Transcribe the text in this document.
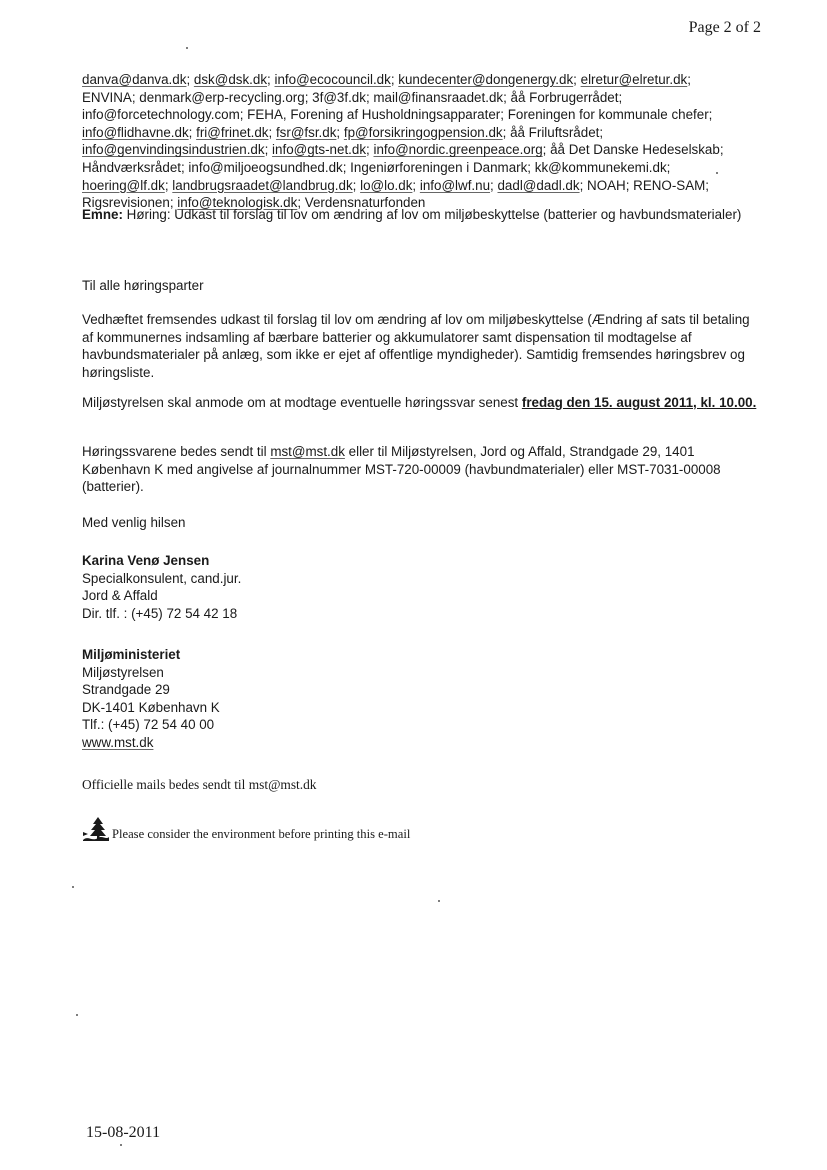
Page 2 of 2

danva@danva.dk; dsk@dsk.dk; info@ecocouncil.dk; kundecenter@dongenergy.dk; elretur@elretur.dk;

ENVINA; denmark@erp-recycling.org; 3f@3f.dk; mail@finansraadet.dk; åå Forbrugerrådet;

info@forcetechnology.com; FEHA, Forening af Husholdningsapparater; Foreningen for kommunale chefer;

info@flidhavne.dk; fri@frinet.dk; fsr@fsr.dk; fp@forsikringogpension.dk; åå Friluftsrådet;

info@genvindingsindustrien.dk; info@gts-net.dk; info@nordic.greenpeace.org; åå Det Danske Hedeselskab;

Håndværksrådet; info@miljoeogsundhed.dk; Ingeniørforeningen i Danmark; kk@kommunekemi.dk;

hoering@lf.dk; landbrugsraadet@landbrug.dk; lo@lo.dk; info@lwf.nu; dadl@dadl.dk; NOAH; RENO-SAM;

Rigsrevisionen; info@teknologisk.dk; Verdensnaturfonden

Emne: Høring: Udkast til forslag til lov om ændring af lov om miljøbeskyttelse (batterier og havbundsmaterialer)
Til alle høringsparter
Vedhæftet fremsendes udkast til forslag til lov om ændring af lov om miljøbeskyttelse (Ændring af sats til betaling af kommunernes indsamling af bærbare batterier og akkumulatorer samt dispensation til modtagelse af havbundsmaterialer på anlæg, som ikke er ejet af offentlige myndigheder). Samtidig fremsendes høringsbrev og høringsliste.
Miljøstyrelsen skal anmode om at modtage eventuelle høringssvar senest fredag den 15. august 2011, kl. 10.00.
Høringssvarene bedes sendt til mst@mst.dk eller til Miljøstyrelsen, Jord og Affald, Strandgade 29, 1401 København K med angivelse af journalnummer MST-720-00009 (havbundmaterialer) eller MST-7031-00008 (batterier).
Med venlig hilsen

Karina Venø Jensen

Specialkonsulent, cand.jur.

Jord & Affald

Dir. tlf. : (+45) 72 54 42 18

Miljøministeriet

Miljøstyrelsen

Strandgade 29

DK-1401 København K

Tlf.: (+45) 72 54 40 00

www.mst.dk

Officielle mails bedes sendt til mst@mst.dk
Please consider the environment before printing this e-mail
15-08-2011
